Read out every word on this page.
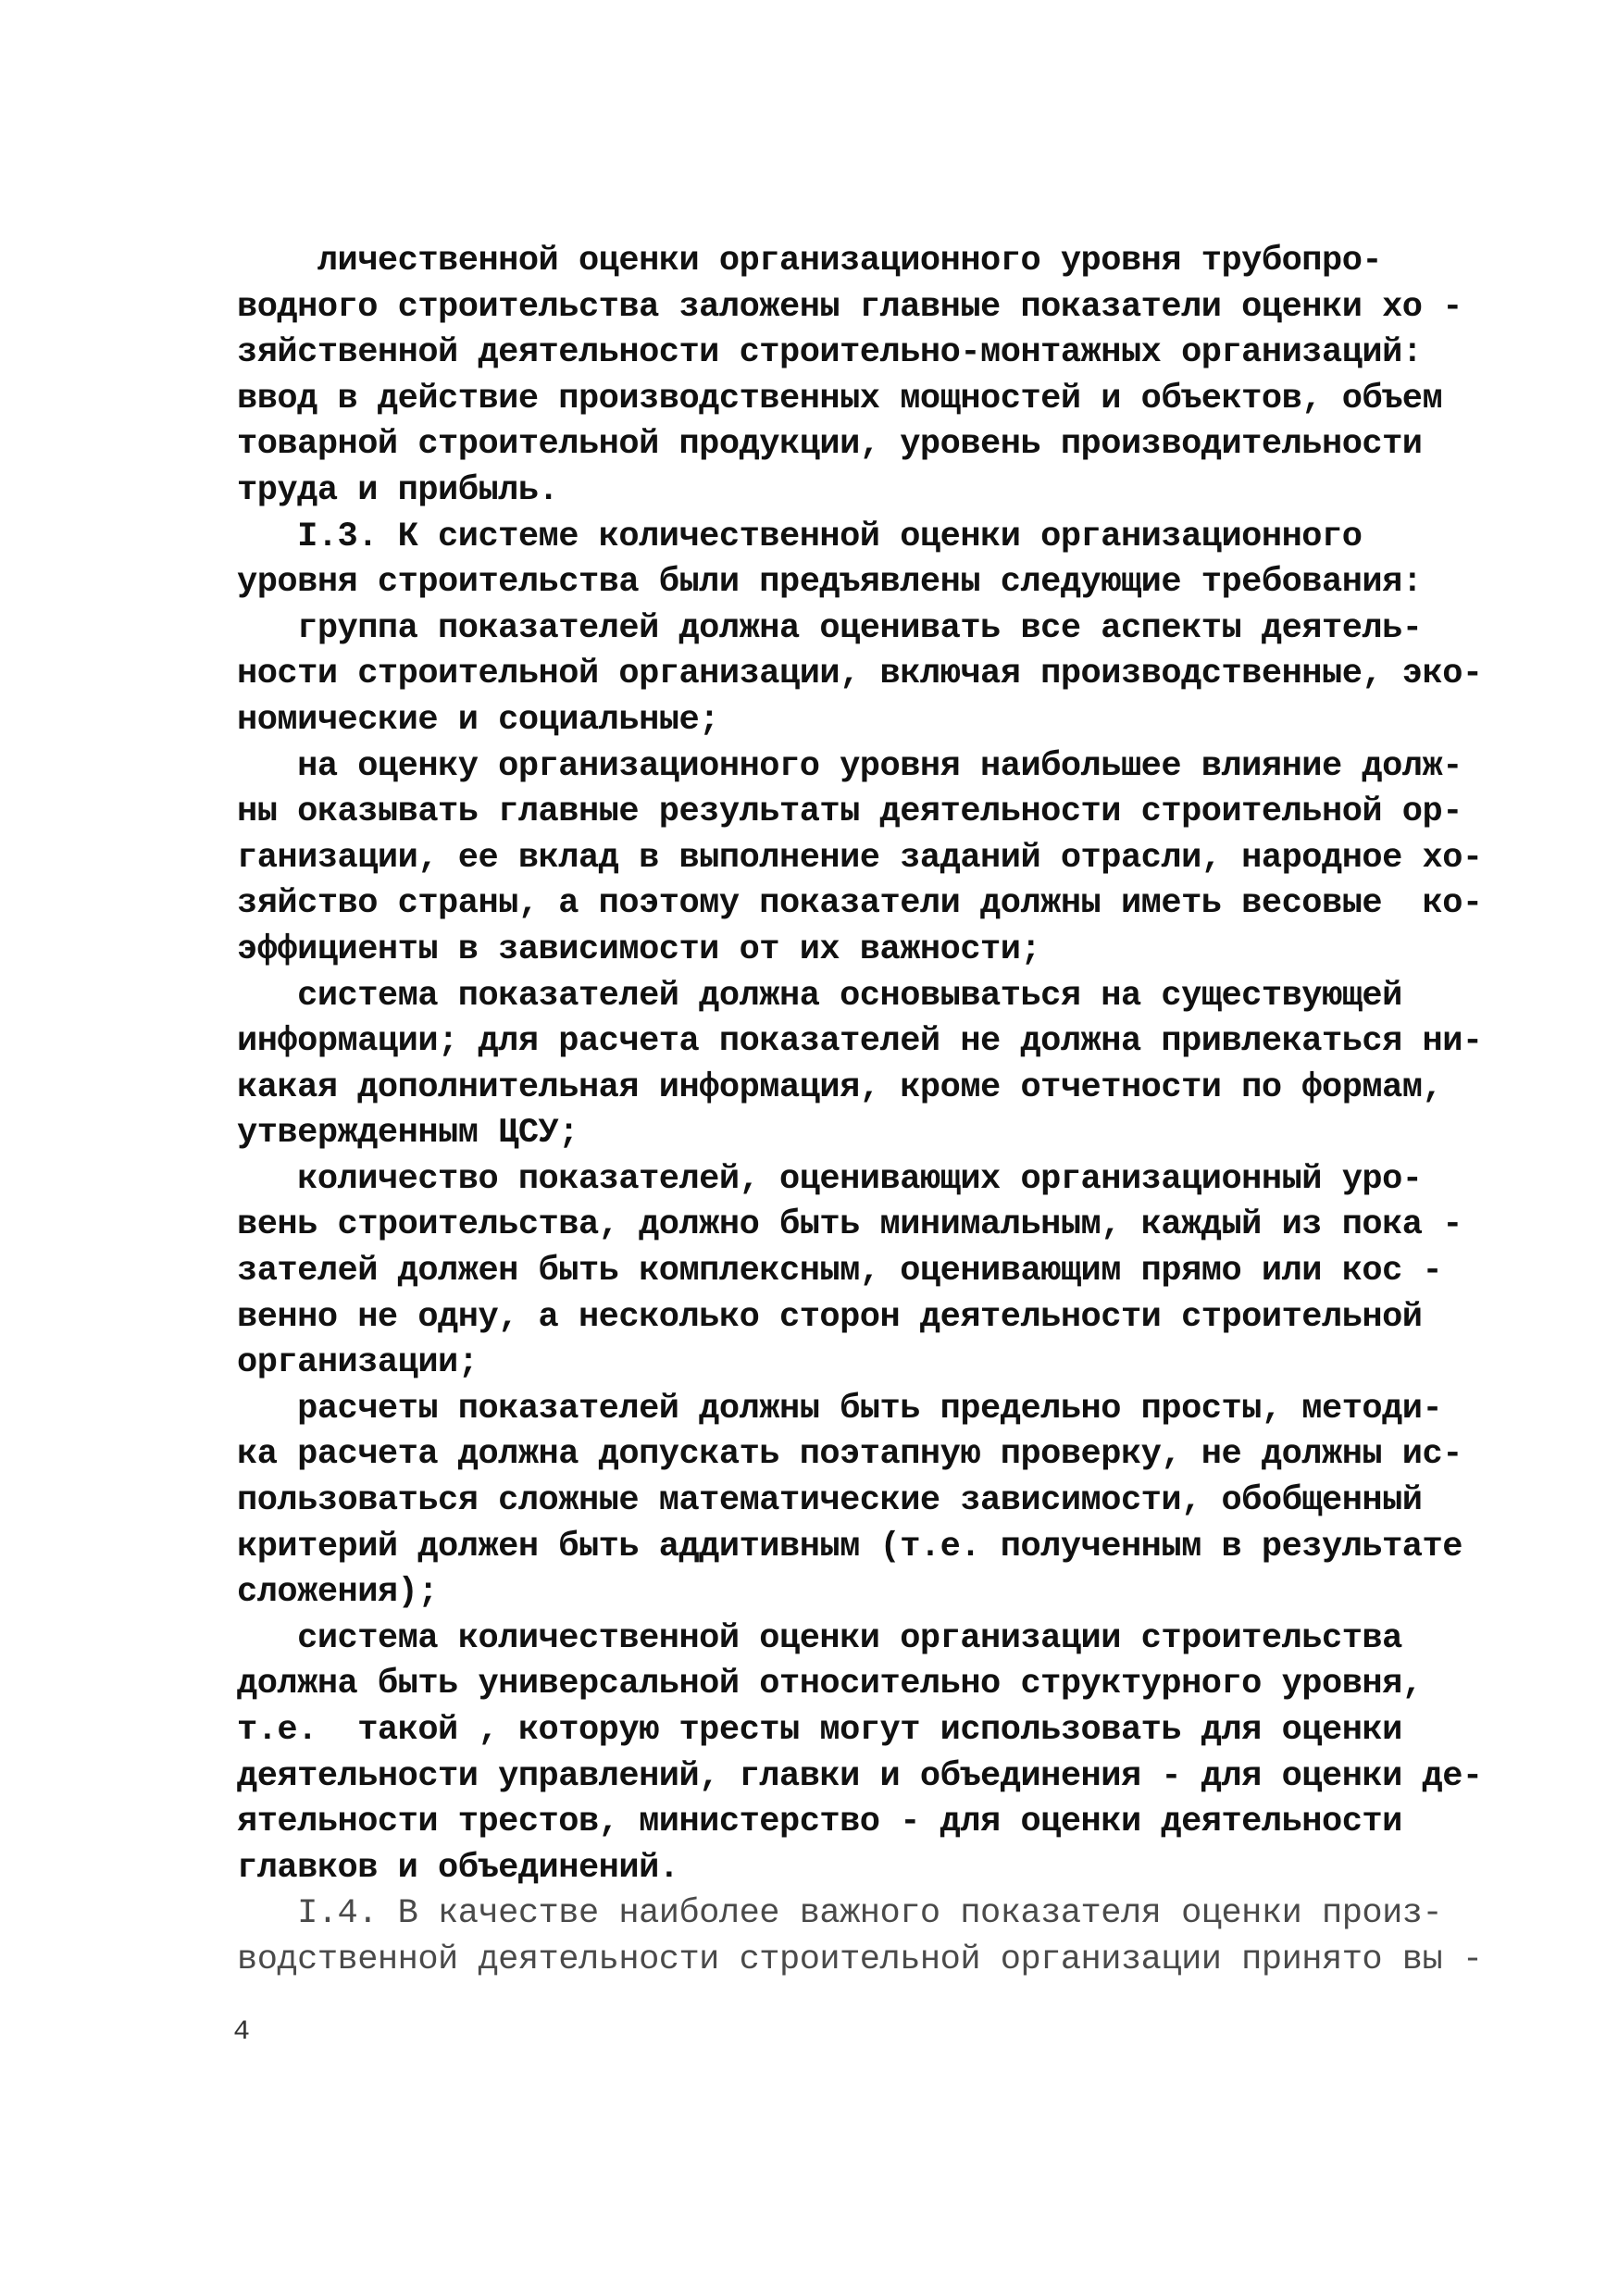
личественной оценки организационного уровня трубопро-
водного строительства заложены главные показатели оценки хо -
зяйственной деятельности строительно-монтажных организаций:
ввод в действие производственных мощностей и объектов, объем
товарной строительной продукции, уровень производительности
труда и прибыль.
I.3. К системе количественной оценки организационного
уровня строительства были предъявлены следующие требования:
группа показателей должна оценивать все аспекты деятель-
ности строительной организации, включая производственные, эко-
номические и социальные;
на оценку организационного уровня наибольшее влияние долж-
ны оказывать главные результаты деятельности строительной ор-
ганизации, ее вклад в выполнение заданий отрасли, народное хо-
зяйство страны, а поэтому показатели должны иметь весовые  ко-
эффициенты в зависимости от их важности;
система показателей должна основываться на существующей
информации; для расчета показателей не должна привлекаться ни-
какая дополнительная информация, кроме отчетности по формам,
утвержденным ЦСУ;
количество показателей, оценивающих организационный уро-
вень строительства, должно быть минимальным, каждый из пока -
зателей должен быть комплексным, оценивающим прямо или кос -
венно не одну, а несколько сторон деятельности строительной
организации;
расчеты показателей должны быть предельно просты, методи-
ка расчета должна допускать поэтапную проверку, не должны ис-
пользоваться сложные математические зависимости, обобщенный
критерий должен быть аддитивным (т.е. полученным в результате
сложения);
система количественной оценки организации строительства
должна быть универсальной относительно структурного уровня,
т.е.  такой , которую тресты могут использовать для оценки
деятельности управлений, главки и объединения - для оценки де-
ятельности трестов, министерство - для оценки деятельности
главков и объединений.
I.4. В качестве наиболее важного показателя оценки произ-
водственной деятельности строительной организации принято вы -
4
